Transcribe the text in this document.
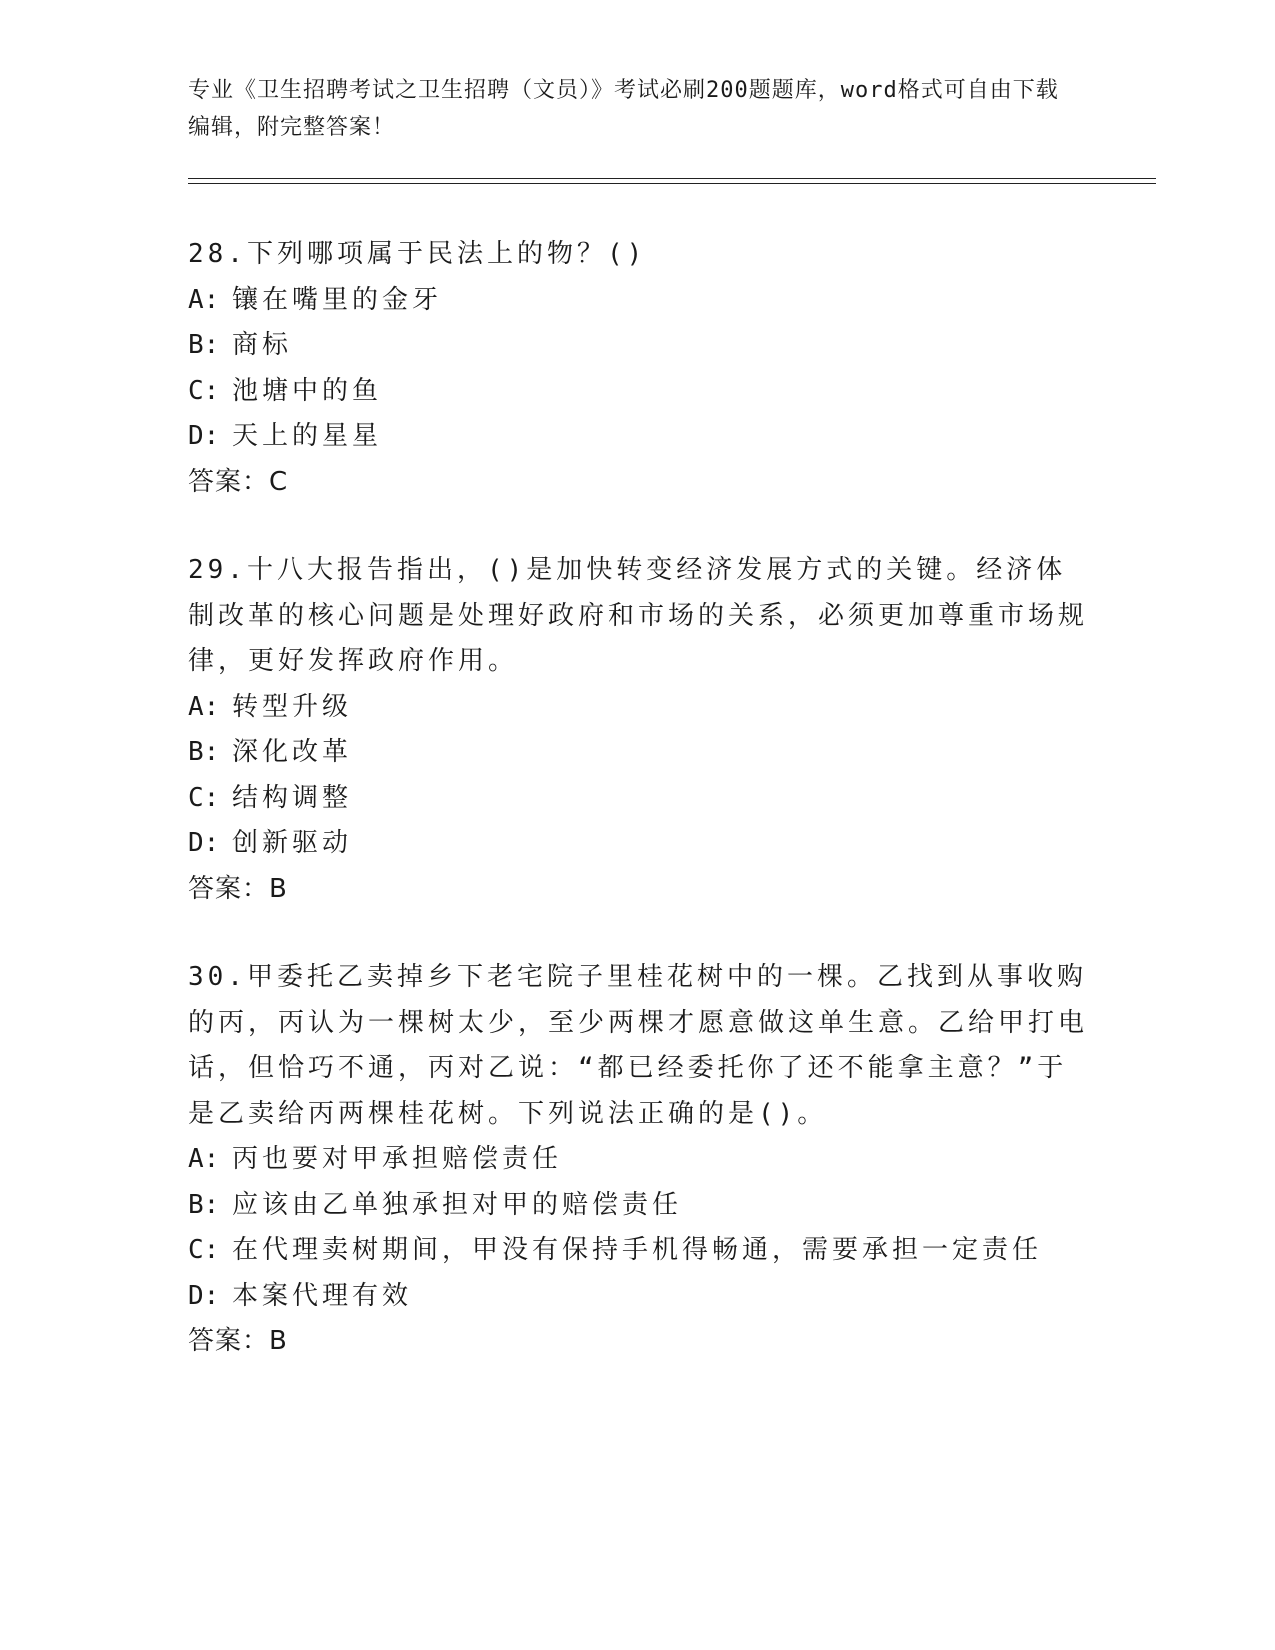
专业《卫生招聘考试之卫生招聘（文员）》考试必刷200题题库，word格式可自由下载编辑，附完整答案！
28.下列哪项属于民法上的物？()
A: 镶在嘴里的金牙
B: 商标
C: 池塘中的鱼
D: 天上的星星
答案：C
29.十八大报告指出，()是加快转变经济发展方式的关键。经济体制改革的核心问题是处理好政府和市场的关系，必须更加尊重市场规律，更好发挥政府作用。
A: 转型升级
B: 深化改革
C: 结构调整
D: 创新驱动
答案：B
30.甲委托乙卖掉乡下老宅院子里桂花树中的一棵。乙找到从事收购的丙，丙认为一棵树太少，至少两棵才愿意做这单生意。乙给甲打电话，但恰巧不通，丙对乙说：“都已经委托你了还不能拿主意？”于是乙卖给丙两棵桂花树。下列说法正确的是()。
A: 丙也要对甲承担赔偿责任
B: 应该由乙单独承担对甲的赔偿责任
C: 在代理卖树期间，甲没有保持手机得畅通，需要承担一定责任
D: 本案代理有效
答案：B
